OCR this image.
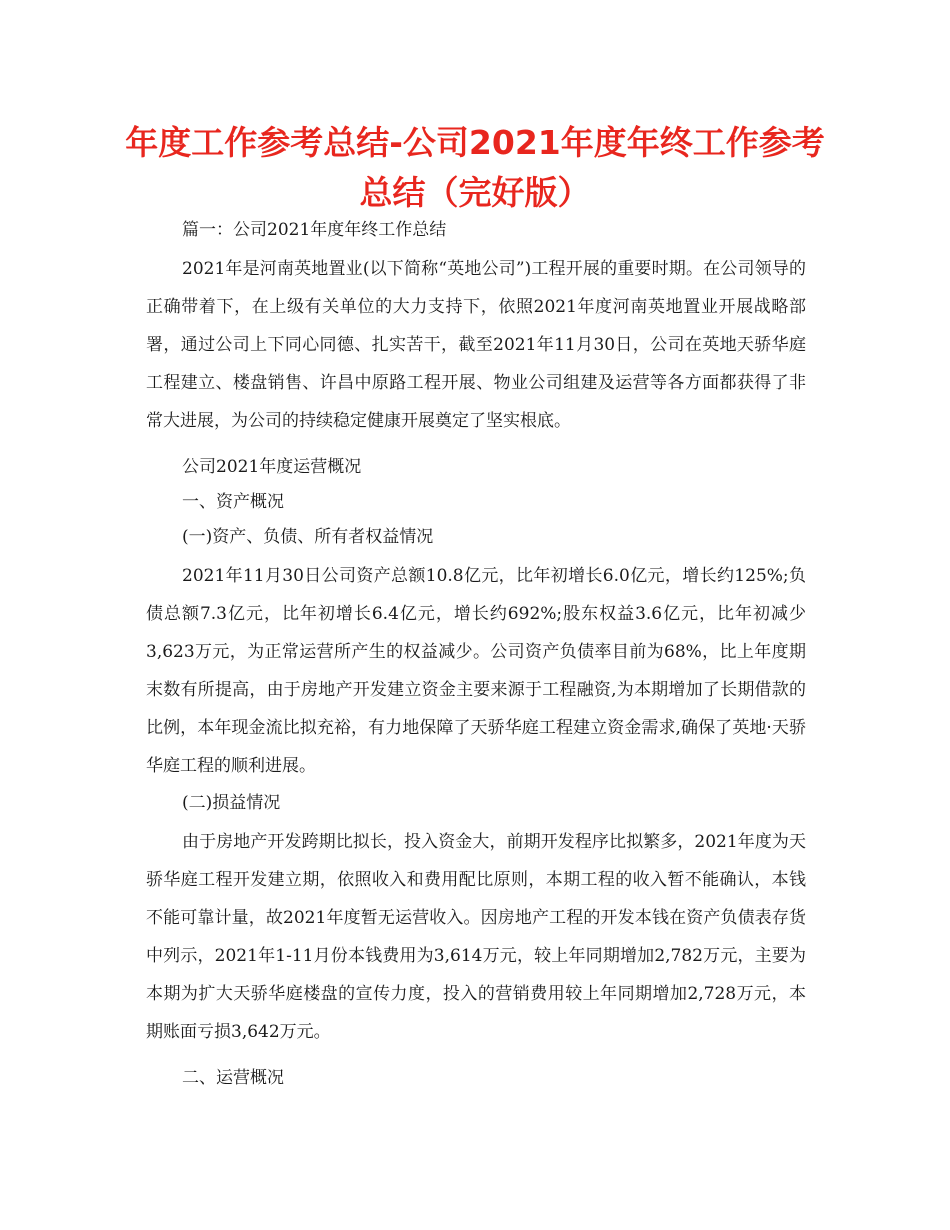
年度工作参考总结-公司2021年度年终工作参考总结（完好版）

篇一：公司2021年度年终工作总结

2021年是河南英地置业(以下简称“英地公司”)工程开展的重要时期。在公司领导的正确带着下，在上级有关单位的大力支持下，依照2021年度河南英地置业开展战略部署，通过公司上下同心同德、扎实苦干，截至2021年11月30日，公司在英地天骄华庭工程建立、楼盘销售、许昌中原路工程开展、物业公司组建及运营等各方面都获得了非常大进展，为公司的持续稳定健康开展奠定了坚实根底。

公司2021年度运营概况

一、资产概况

(一)资产、负债、所有者权益情况

2021年11月30日公司资产总额10.8亿元，比年初增长6.0亿元，增长约125%;负债总额7.3亿元，比年初增长6.4亿元，增长约692%;股东权益3.6亿元，比年初减少3,623万元，为正常运营所产生的权益减少。公司资产负债率目前为68%，比上年度期末数有所提高，由于房地产开发建立资金主要来源于工程融资,为本期增加了长期借款的比例，本年现金流比拟充裕，有力地保障了天骄华庭工程建立资金需求,确保了英地·天骄华庭工程的顺利进展。

(二)损益情况

由于房地产开发跨期比拟长，投入资金大，前期开发程序比拟繁多，2021年度为天骄华庭工程开发建立期，依照收入和费用配比原则，本期工程的收入暂不能确认，本钱不能可靠计量，故2021年度暂无运营收入。因房地产工程的开发本钱在资产负债表存货中列示，2021年1-11月份本钱费用为3,614万元，较上年同期增加2,782万元，主要为本期为扩大天骄华庭楼盘的宣传力度，投入的营销费用较上年同期增加2,728万元，本期账面亏损3,642万元。

二、运营概况
